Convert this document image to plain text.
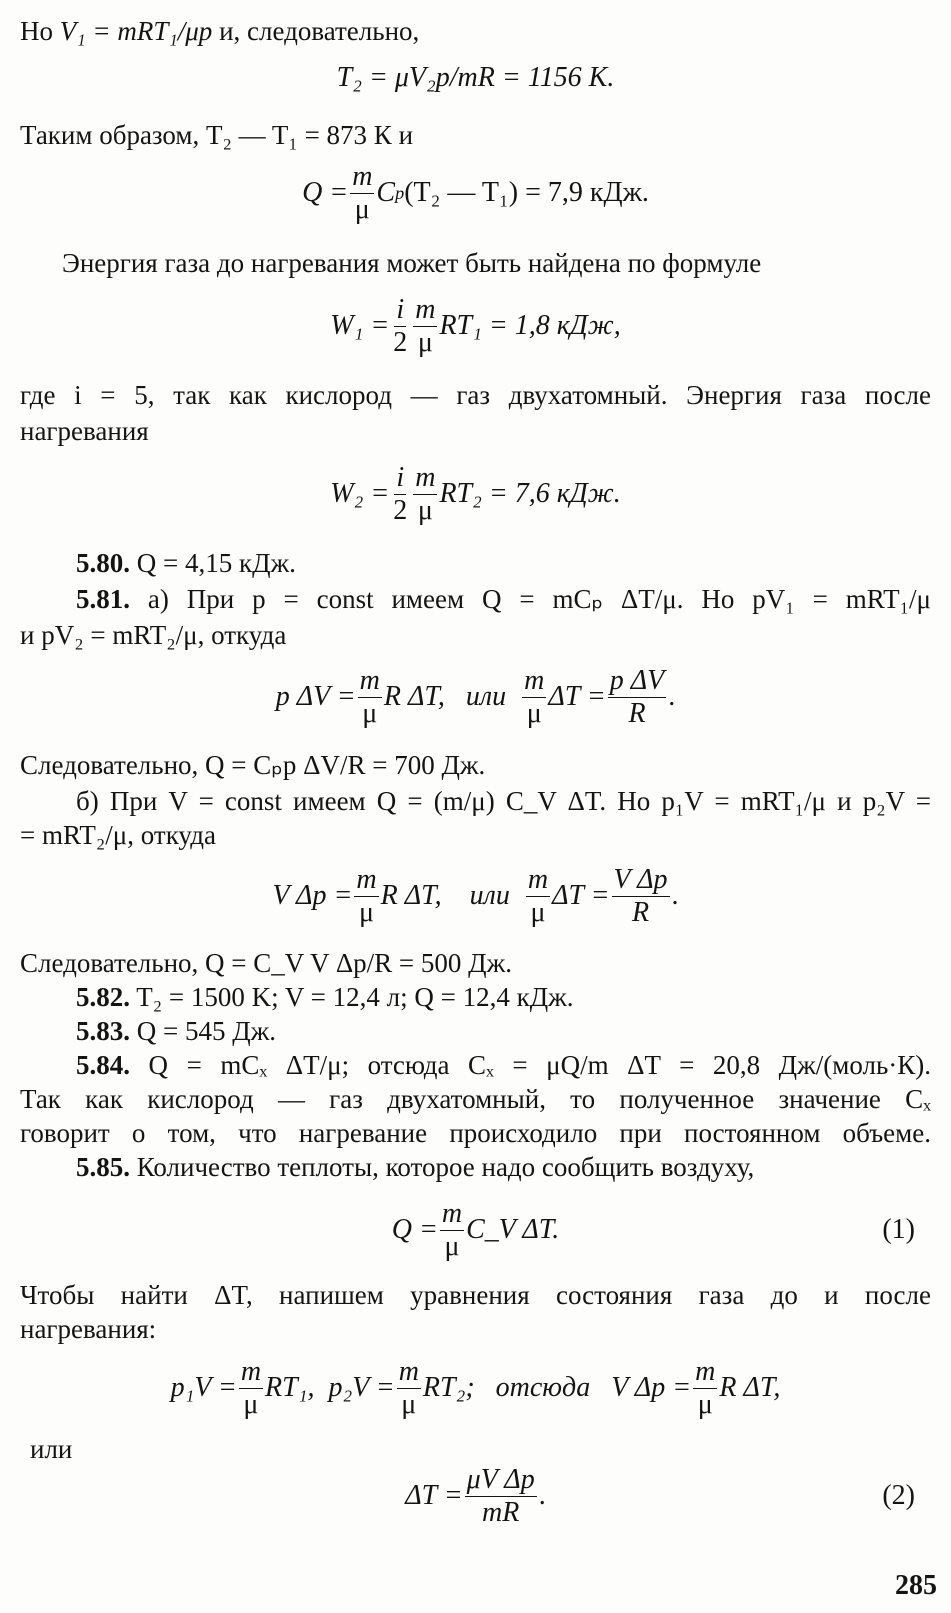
Но V₁ = mRT₁/μp и, следовательно,
T₂ = μV₂p/mR = 1156 K.
Таким образом, T₂ — T₁ = 873 К и
$Q = \frac{m}{\mu}$ C p (T₂ — T₁) = 7,9 кДж.
Энергия газа до нагревания может быть найдена по формуле
$W_1 = \frac{i}{2} \frac{m}{\mu} RT_1 = 1,8$ кДж,
где i = 5, так как кислород — газ двухатомный. Энергия газа после
нагревания
$W_2 = \frac{i}{2} \frac{m}{\mu} RT_2 = 7,6$ кДж.
5.80. Q = 4,15 кДж.
5.81. а) При p = const имеем Q = mCₚ ΔT/μ. Но pV₁ = mRT₁/μ
и pV₂ = mRT₂/μ, откуда
p $\Delta V = \frac{m}{\mu}$ R ΔT,   или $\frac{m}{\mu}$ $\Delta T = \frac{\text{p ΔV}}{R}$ .
Следовательно, Q = Cₚp ΔV/R = 700 Дж.
б) При V = const имеем Q = (m/μ) C_V ΔT. Но p₁V = mRT₁/μ и p₂V =
= mRT₂/μ, откуда
V $\Delta p = \frac{m}{\mu}$ R ΔT,    или $\frac{m}{\mu}$ $\Delta T = \frac{\text{V Δp}}{R}$ .
Следовательно, Q = C_V V Δp/R = 500 Дж.
5.82. T₂ = 1500 K; V = 12,4 л; Q = 12,4 кДж.
5.83. Q = 545 Дж.
5.84. Q = mCₓ ΔT/μ; отсюда Cₓ = μQ/m ΔT = 20,8 Дж/(моль·К).
Так как кислород — газ двухатомный, то полученное значение Cₓ
говорит о том, что нагревание происходило при постоянном объеме.
5.85. Количество теплоты, которое надо сообщить воздуху,
$Q = \frac{m}{\mu}$ C_V ΔT.	(1)
Чтобы найти ΔT, напишем уравнения состояния газа до и после
нагревания:
$p_1V = \frac{m}{\mu} RT_1$,  $p_2V = \frac{m}{\mu} RT_2$;   отсюда   V $\Delta p = \frac{m}{\mu}$ R ΔT,
или
$\Delta T = \frac{\text{μV Δp}}{mR}$ .	(2)
285
